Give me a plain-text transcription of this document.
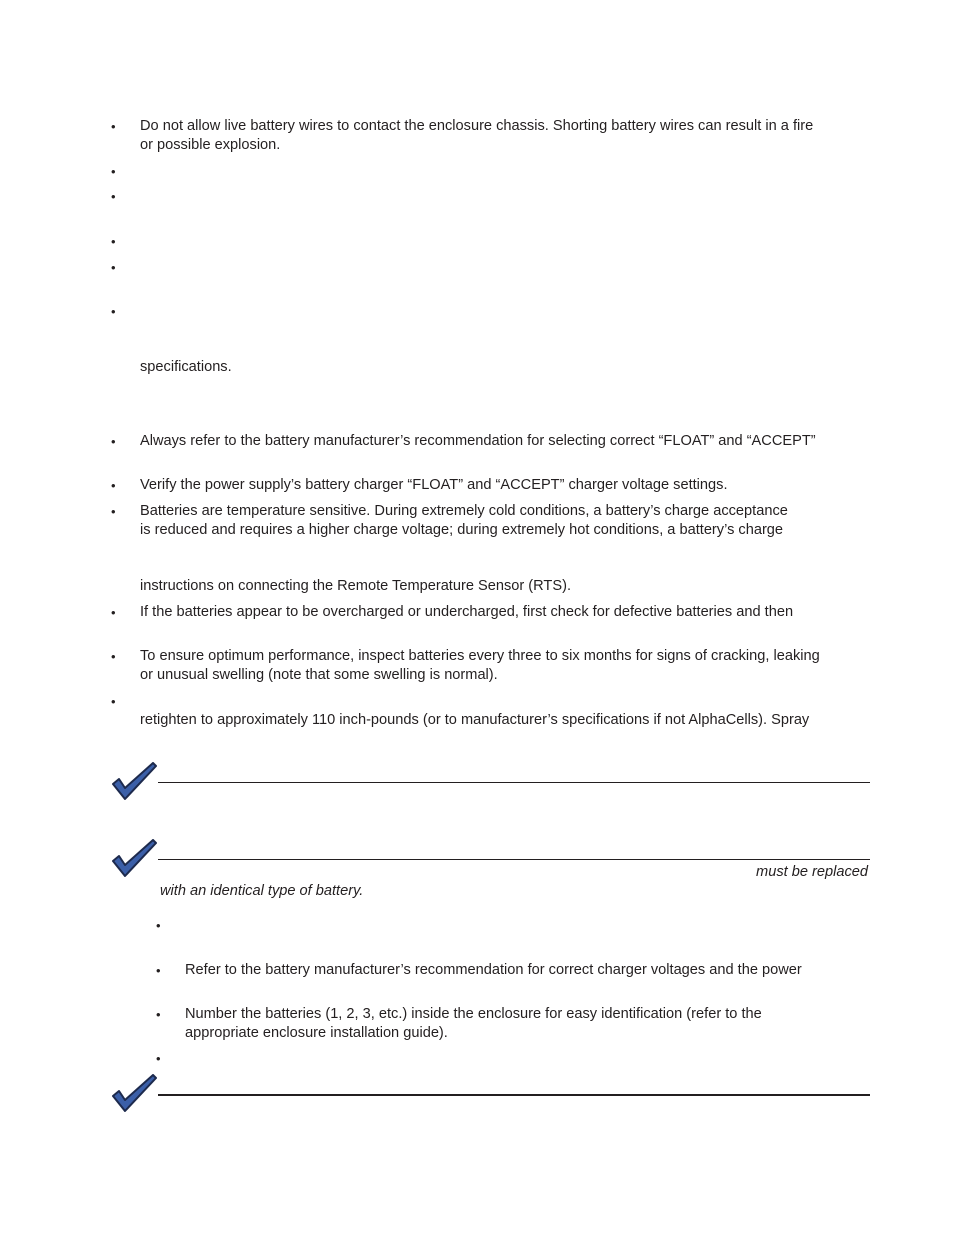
• Do not allow live battery wires to contact the enclosure chassis. Shorting battery wires can result in a fire
or possible explosion.
•
•
•
•
•
specifications.
• Always refer to the battery manufacturer’s recommendation for selecting correct “FLOAT” and “ACCEPT”
• Verify the power supply’s battery charger “FLOAT” and “ACCEPT” charger voltage settings.
• Batteries are temperature sensitive. During extremely cold conditions, a battery’s charge acceptance
is reduced and requires a higher charge voltage; during extremely hot conditions, a battery’s charge
instructions on connecting the Remote Temperature Sensor (RTS).
• If the batteries appear to be overcharged or undercharged, first check for defective batteries and then
• To ensure optimum performance, inspect batteries every three to six months for signs of cracking, leaking
or unusual swelling (note that some swelling is normal).
•
retighten to approximately 110 inch-pounds (or to manufacturer’s specifications if not AlphaCells). Spray
must be replaced
with an identical type of battery.
•
• Refer to the battery manufacturer’s recommendation for correct charger voltages and the power
• Number the batteries (1, 2, 3, etc.) inside the enclosure for easy identification (refer to the
appropriate enclosure installation guide).
•
